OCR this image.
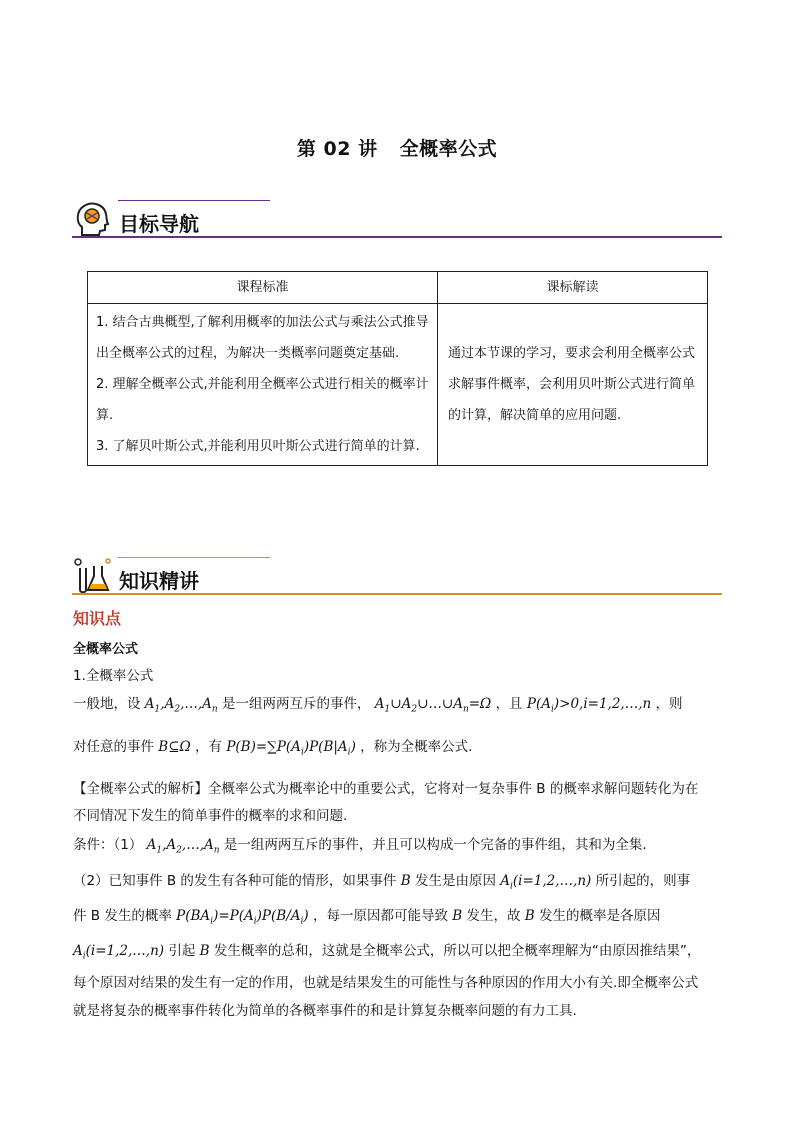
第 02 讲 全概率公式
目标导航
课程标准	课标解读

1. 结合古典概型,了解利用概率的加法公式与乘法公式推导出全概率公式的过程，为解决一类概率问题奠定基础.
2. 理解全概率公式,并能利用全概率公式进行相关的概率计算.
3. 了解贝叶斯公式,并能利用贝叶斯公式进行简单的计算.	通过本节课的学习，要求会利用全概率公式求解事件概率，会利用贝叶斯公式进行简单的计算，解决简单的应用问题.
知识精讲
知识点
全概率公式
1.全概率公式
一般地，设 $A_1,A_2,\dots,A_n$ 是一组两两互斥的事件， $A_1\cup A_2\cup\dots\cup A_n=\Omega$ ，且 $P(A_i)>0,i=1,2,\dots,n$ ，则
对任意的事件 B⊆Ω ，有 $P(B)=\sum P(A_i)P(B|A_i)$ ，称为全概率公式.
【全概率公式的解析】全概率公式为概率论中的重要公式，它将对一复杂事件 B 的概率求解问题转化为在
不同情况下发生的简单事件的概率的求和问题.
条件：（1） $A_1,A_2,\dots,A_n$ 是一组两两互斥的事件，并且可以构成一个完备的事件组，其和为全集.
（2）已知事件 B 的发生有各种可能的情形，如果事件 B 发生是由原因 $A_i(i=1,2,\dots,n)$ 所引起的，则事
件 B 发生的概率 $P(BA_i)=P(A_i)P(B/A_i)$ ，每一原因都可能导致 B 发生，故 B 发生的概率是各原因
$A_i(i=1,2,\dots,n)$ 引起 B 发生概率的总和，这就是全概率公式，所以可以把全概率理解为“由原因推结果”，
每个原因对结果的发生有一定的作用，也就是结果发生的可能性与各种原因的作用大小有关.即全概率公式
就是将复杂的概率事件转化为简单的各概率事件的和是计算复杂概率问题的有力工具.
